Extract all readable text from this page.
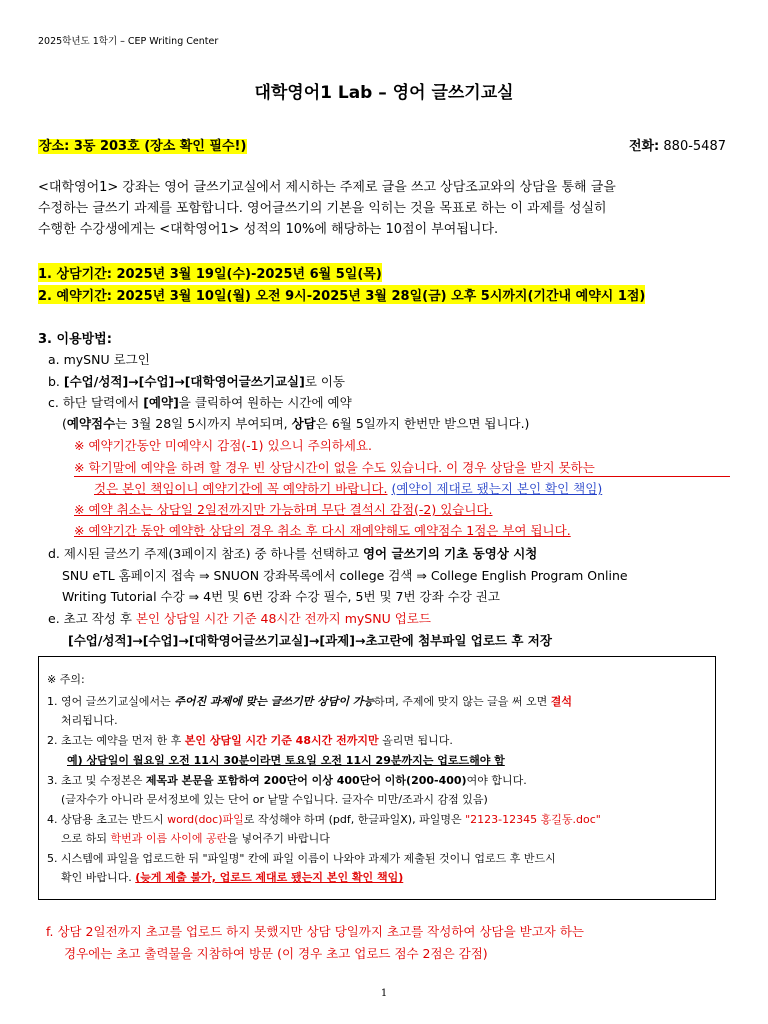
2025학년도 1학기 – CEP Writing Center
대학영어1 Lab – 영어 글쓰기교실
장소: 3동 203호 (장소 확인 필수!)	전화: 880-5487
<대학영어1> 강좌는 영어 글쓰기교실에서 제시하는 주제로 글을 쓰고 상담조교와의 상담을 통해 글을
수정하는 글쓰기 과제를 포함합니다. 영어글쓰기의 기본을 익히는 것을 목표로 하는 이 과제를 성실히
수행한 수강생에게는 <대학영어1> 성적의 10%에 해당하는 10점이 부여됩니다.
1. 상담기간: 2025년 3월 19일(수)-2025년 6월 5일(목)
2. 예약기간: 2025년 3월 10일(월) 오전 9시-2025년 3월 28일(금) 오후 5시까지(기간내 예약시 1점)
3. 이용방법:
a. mySNU 로그인
b. [수업/성적]→[수업]→[대학영어글쓰기교실]로 이동
c. 하단 달력에서 [예약]을 클릭하여 원하는 시간에 예약
(예약점수는 3월 28일 5시까지 부여되며, 상담은 6월 5일까지 한번만 받으면 됩니다.)
※ 예약기간동안 미예약시 감점(-1) 있으니 주의하세요.
※ 학기말에 예약을 하려 할 경우 빈 상담시간이 없을 수도 있습니다. 이 경우 상담을 받지 못하는
것은 본인 책임이니 예약기간에 꼭 예약하기 바랍니다. (예약이 제대로 됐는지 본인 확인 책임)
※ 예약 취소는 상담일 2일전까지만 가능하며 무단 결석시 감점(-2) 있습니다.
※ 예약기간 동안 예약한 상담의 경우 취소 후 다시 재예약해도 예약점수 1점은 부여 됩니다.
d. 제시된 글쓰기 주제(3페이지 참조) 중 하나를 선택하고 영어 글쓰기의 기초 동영상 시청
SNU eTL 홈페이지 접속 ⇒ SNUON 강좌목록에서 college 검색 ⇒ College English Program Online
Writing Tutorial 수강 ⇒ 4번 및 6번 강좌 수강 필수, 5번 및 7번 강좌 수강 권고
e. 초고 작성 후 본인 상담일 시간 기준 48시간 전까지 mySNU 업로드
[수업/성적]→[수업]→[대학영어글쓰기교실]→[과제]→초고란에 첨부파일 업로드 후 저장
※ 주의:
1. 영어 글쓰기교실에서는 주어진 과제에 맞는 글쓰기만 상담이 가능하며, 주제에 맞지 않는 글을 써 오면 결석
처리됩니다.
2. 초고는 예약을 먼저 한 후 본인 상담일 시간 기준 48시간 전까지만 올리면 됩니다.
예) 상담일이 월요일 오전 11시 30분이라면 토요일 오전 11시 29분까지는 업로드해야 함
3. 초고 및 수정본은 제목과 본문을 포함하여 200단어 이상 400단어 이하(200-400)여야 합니다.
(글자수가 아니라 문서정보에 있는 단어 or 낱말 수입니다. 글자수 미만/조과시 감점 있음)
4. 상담용 초고는 반드시 word(doc)파일로 작성해야 하며 (pdf, 한글파일X), 파일명은 "2123-12345 홍길동.doc"
으로 하되 학번과 이름 사이에 공란을 넣어주기 바랍니다
5. 시스템에 파일을 업로드한 뒤 "파일명" 칸에 파일 이름이 나와야 과제가 제출된 것이니 업로드 후 반드시
확인 바랍니다. (늦게 제출 불가, 업로드 제대로 됐는지 본인 확인 책임)
f. 상담 2일전까지 초고를 업로드 하지 못했지만 상담 당일까지 초고를 작성하여 상담을 받고자 하는
경우에는 초고 출력물을 지참하여 방문 (이 경우 초고 업로드 점수 2점은 감점)
1
